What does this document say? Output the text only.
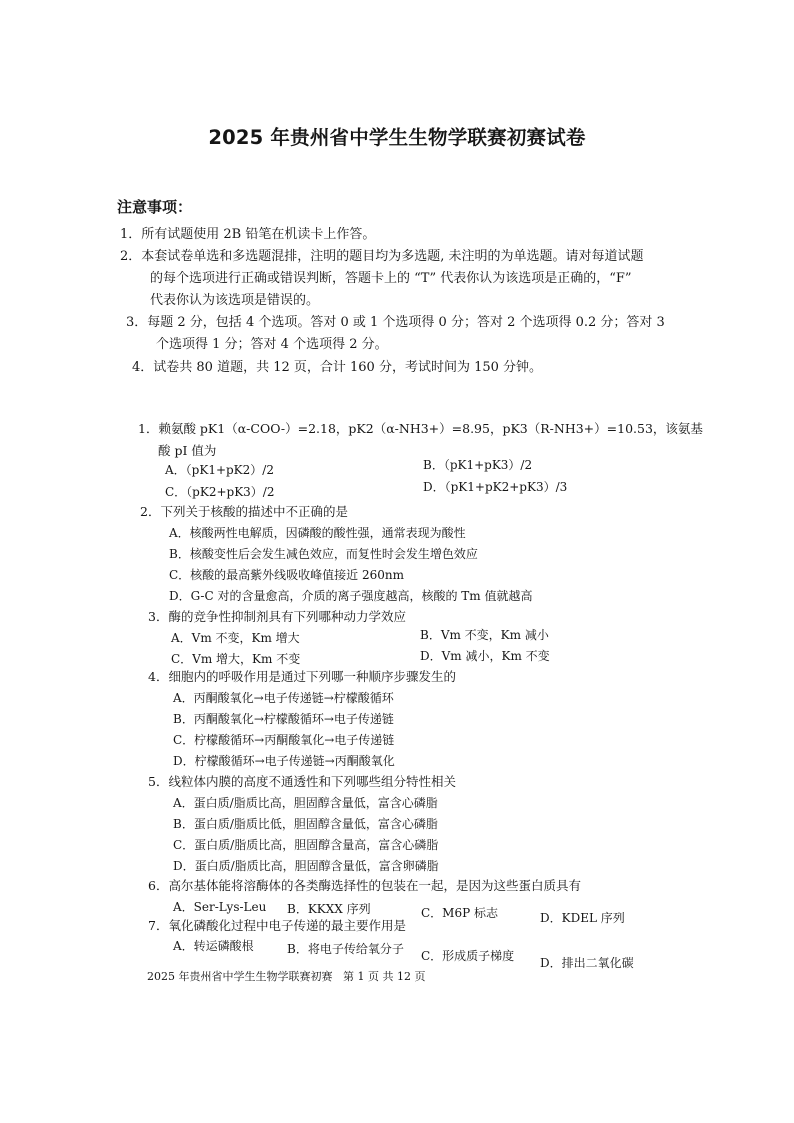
2025 年贵州省中学生生物学联赛初赛试卷
注意事项：
1．所有试题使用 2B 铅笔在机读卡上作答。
2．本套试卷单选和多选题混排，注明的题目均为多选题, 未注明的为单选题。请对每道试题
的每个选项进行正确或错误判断，答题卡上的 “T” 代表你认为该选项是正确的，“F”
代表你认为该选项是错误的。
3．每题 2 分，包括 4 个选项。答对 0 或 1 个选项得 0 分；答对 2 个选项得 0.2 分；答对 3
个选项得 1 分；答对 4 个选项得 2 分。
4．试卷共 80 道题，共 12 页，合计 160 分，考试时间为 150 分钟。
1．赖氨酸 pK1（α-COO-）=2.18，pK2（α-NH3+）=8.95，pK3（R-NH3+）=10.53，该氨基
酸 pI 值为
A．（pK1+pK2）/2	B．（pK1+pK3）/2
C．（pK2+pK3）/2	D．（pK1+pK2+pK3）/3
2．下列关于核酸的描述中不正确的是
A．核酸两性电解质，因磷酸的酸性强，通常表现为酸性
B．核酸变性后会发生减色效应，而复性时会发生增色效应
C．核酸的最高紫外线吸收峰值接近 260nm
D．G-C 对的含量愈高，介质的离子强度越高，核酸的 Tm 值就越高
3．酶的竞争性抑制剂具有下列哪种动力学效应
A．Vm 不变，Km 增大	B．Vm 不变，Km 减小
C．Vm 增大，Km 不变	D．Vm 减小，Km 不变
4．细胞内的呼吸作用是通过下列哪一种顺序步骤发生的
A．丙酮酸氧化→电子传递链→柠檬酸循环
B．丙酮酸氧化→柠檬酸循环→电子传递链
C．柠檬酸循环→丙酮酸氧化→电子传递链
D．柠檬酸循环→电子传递链→丙酮酸氧化
5．线粒体内膜的高度不通透性和下列哪些组分特性相关
A．蛋白质/脂质比高，胆固醇含量低，富含心磷脂
B．蛋白质/脂质比低，胆固醇含量低，富含心磷脂
C．蛋白质/脂质比高，胆固醇含量高，富含心磷脂
D．蛋白质/脂质比高，胆固醇含量低，富含卵磷脂
6．高尔基体能将溶酶体的各类酶选择性的包装在一起，是因为这些蛋白质具有
A．Ser-Lys-Leu B．KKXX 序列	C．M6P 标志	D．KDEL 序列
7．氧化磷酸化过程中电子传递的最主要作用是
A．转运磷酸根	B．将电子传给氧分子 C．形成质子梯度 D．排出二氧化碳
2025 年贵州省中学生生物学联赛初赛 第 1 页 共 12 页
